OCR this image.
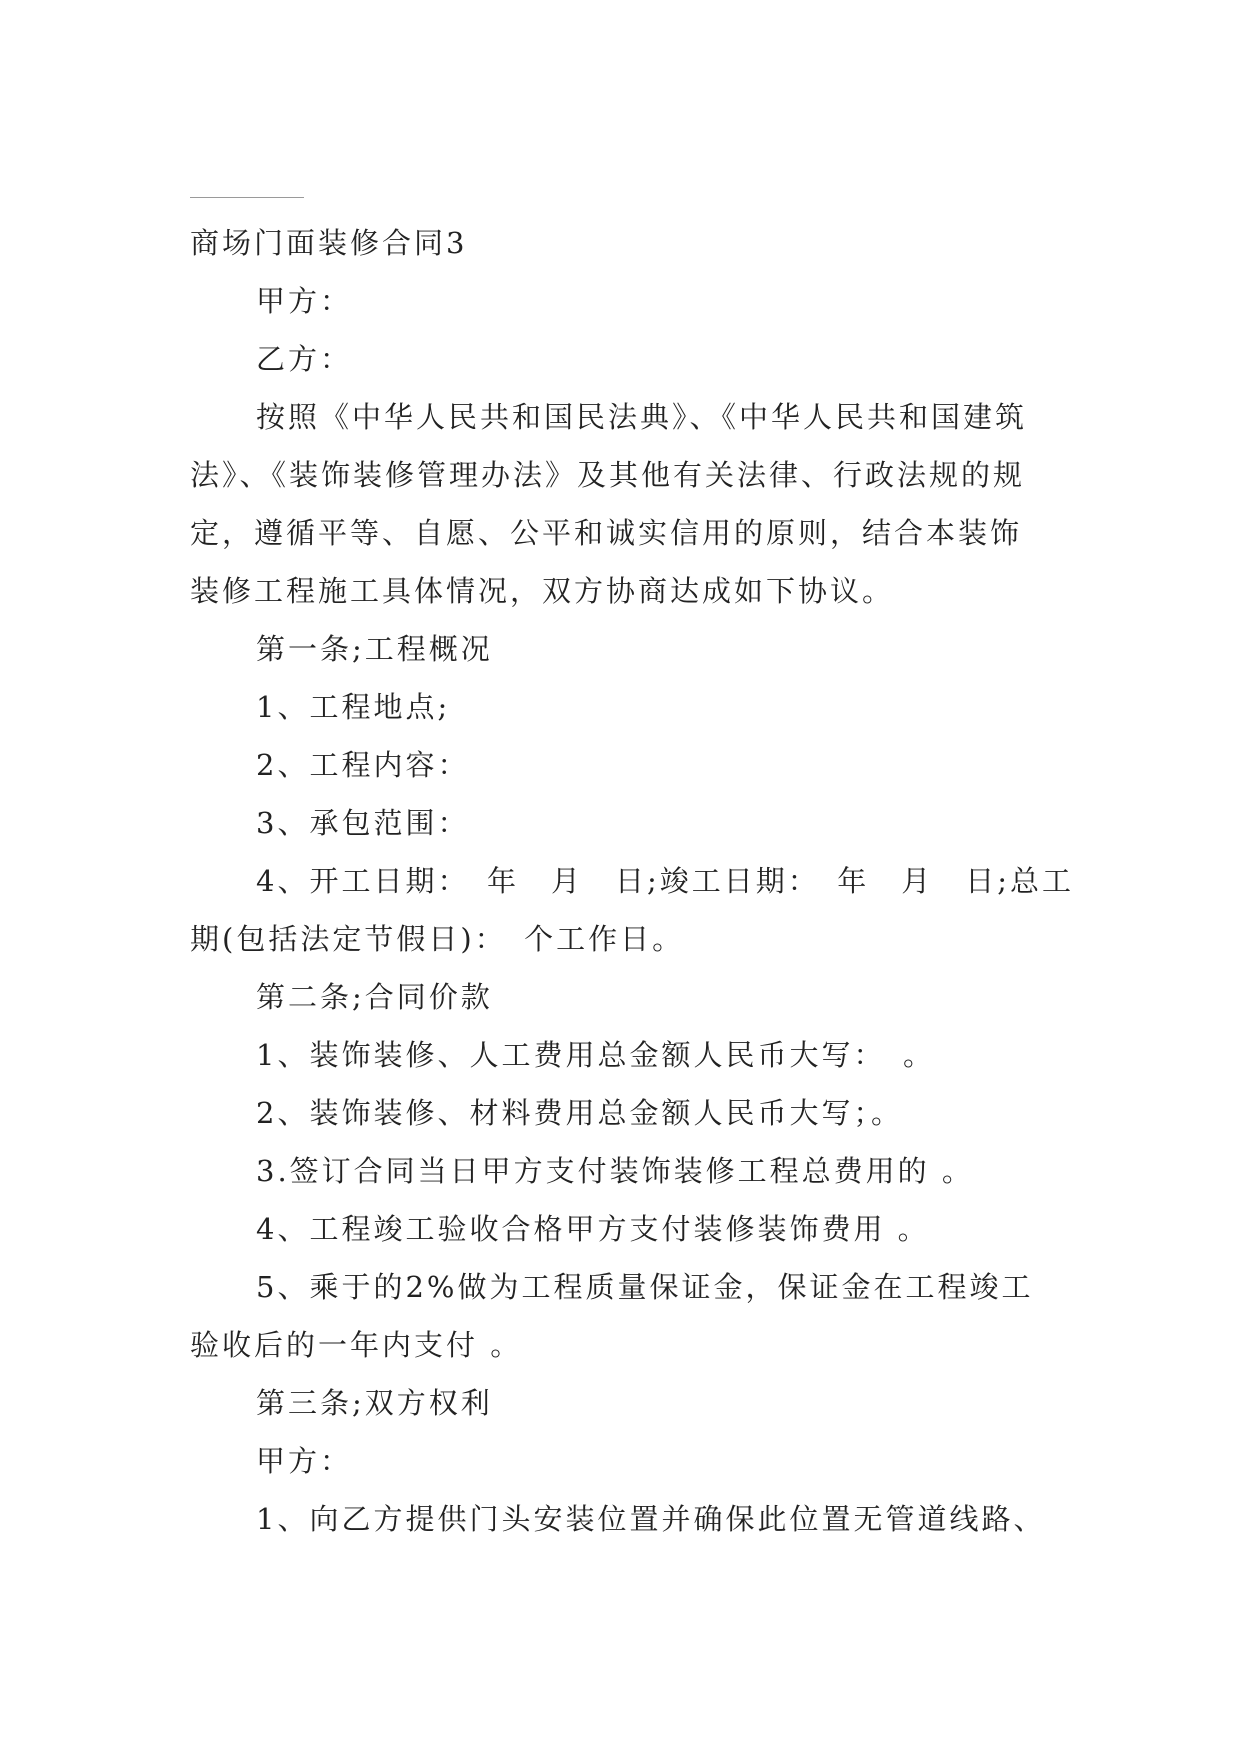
商场门面装修合同3

甲方：

乙方：

按照《中华人民共和国民法典》、《中华人民共和国建筑

法》、《装饰装修管理办法》及其他有关法律、行政法规的规

定，遵循平等、自愿、公平和诚实信用的原则，结合本装饰

装修工程施工具体情况，双方协商达成如下协议。

第一条;工程概况

1、工程地点;

2、工程内容：

3、承包范围：

4、开工日期：　年　月　日;竣工日期：　年　月　日;总工

期(包括法定节假日)：　个工作日。

第二条;合同价款

1、装饰装修、人工费用总金额人民币大写：　。

2、装饰装修、材料费用总金额人民币大写；。

3.签订合同当日甲方支付装饰装修工程总费用的 。

4、工程竣工验收合格甲方支付装修装饰费用 。

5、乘于的2%做为工程质量保证金，保证金在工程竣工

验收后的一年内支付 。

第三条;双方权利

甲方：

1、向乙方提供门头安装位置并确保此位置无管道线路、
